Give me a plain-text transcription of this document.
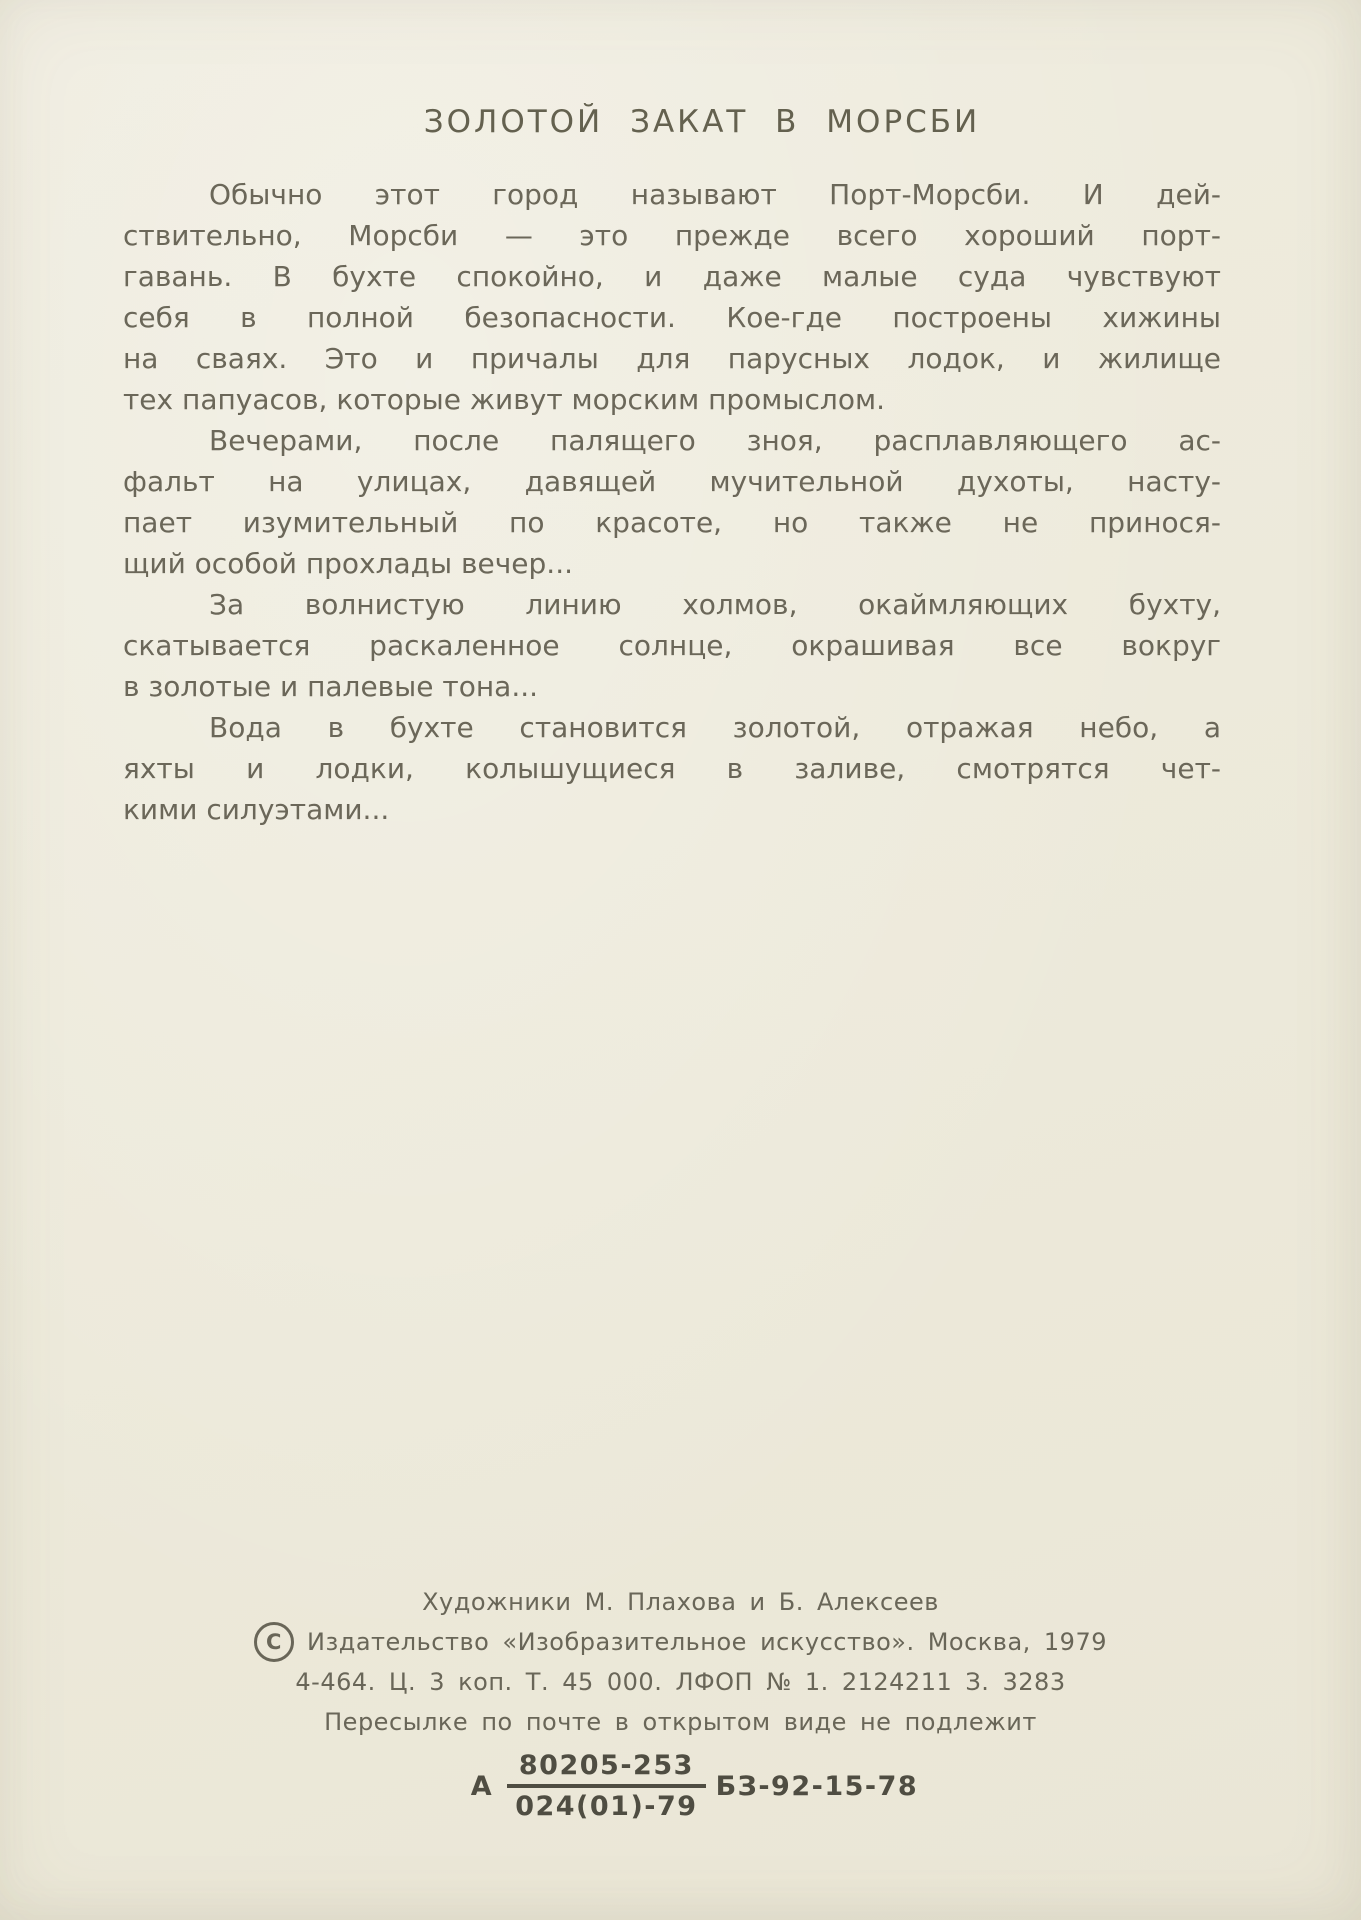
ЗОЛОТОЙ ЗАКАТ В МОРСБИ
Обычно этот город называют Порт-Морсби. И дей-
ствительно, Морсби — это прежде всего хороший порт-
гавань. В бухте спокойно, и даже малые суда чувствуют
себя в полной безопасности. Кое-где построены хижины
на сваях. Это и причалы для парусных лодок, и жилище
тех папуасов, которые живут морским промыслом.
Вечерами, после палящего зноя, расплавляющего ас-
фальт на улицах, давящей мучительной духоты, насту-
пает изумительный по красоте, но также не принося-
щий особой прохлады вечер...
За волнистую линию холмов, окаймляющих бухту,
скатывается раскаленное солнце, окрашивая все вокруг
в золотые и палевые тона...
Вода в бухте становится золотой, отражая небо, а
яхты и лодки, колышущиеся в заливе, смотрятся чет-
кими силуэтами...
Художники М. Плахова и Б. Алексеев
C Издательство «Изобразительное искусство». Москва, 1979
4-464. Ц. 3 коп. Т. 45 000. ЛФОП № 1. 2124211 З. 3283
Пересылке по почте в открытом виде не подлежит
А $\frac{80205-253}{024(01)-79} БЗ-92-15-78$
